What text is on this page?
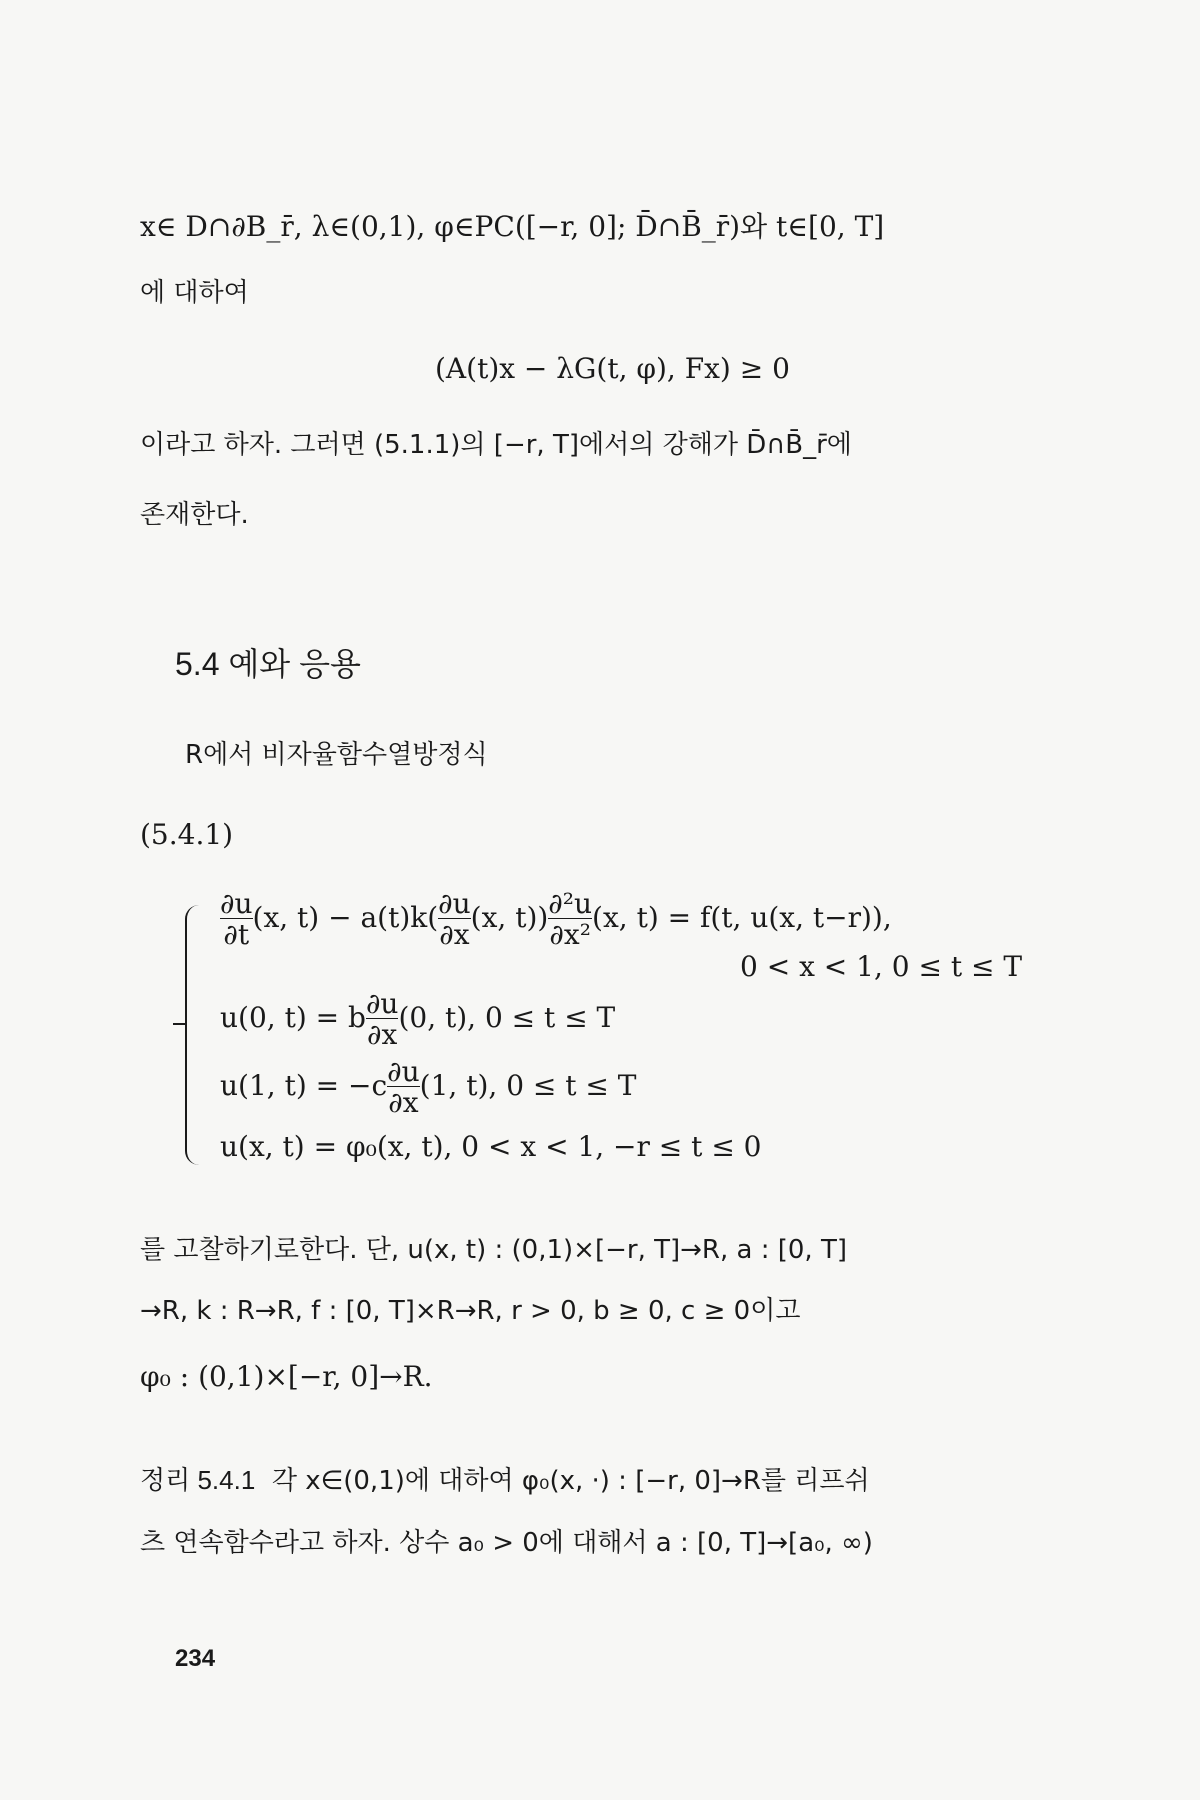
x∈ D∩∂B_r̄, λ∈(0,1), φ∈PC([−r, 0]; D̄∩B̄_r̄)와 t∈[0, T]
에 대하여
(A(t)x − λG(t, φ), Fx) ≥ 0
이라고 하자. 그러면 (5.1.1)의 [−r, T]에서의 강해가 D̄∩B̄_r̄에
존재한다.
5.4 예와 응용
R에서 비자율함수열방정식
(5.4.1)
$\frac{\partial u}{\partial t} (x$, $t) - a(t)k( \frac{\partial u}{\partial x} (x$, $t)) \frac{\text{∂²u}}{\text{∂x²}} (x$, t) = f(t, u(x, t−r)),
0 < x < 1, 0 ≤ t ≤ T
u(0, t) = b $\frac{\partial u}{\partial x} (0$, t), 0 ≤ t ≤ T
u(1, $t) = -c \frac{\partial u}{\partial x} (1$, t), 0 ≤ t ≤ T
u(x, t) = φ₀(x, t), 0 < x < 1, −r ≤ t ≤ 0
를 고찰하기로한다. 단, u(x, t) : (0,1)×[−r, T]→R, a : [0, T]
→R, k : R→R, f : [0, T]×R→R, r > 0, b ≥ 0, c ≥ 0이고
φ₀ : (0,1)×[−r, 0]→R.
정리 5.4.1 각 x∈(0,1)에 대하여 φ₀(x, ·) : [−r, 0]→R를 리프쉬
츠 연속함수라고 하자. 상수 a₀ > 0에 대해서 a : [0, T]→[a₀, ∞)
234
